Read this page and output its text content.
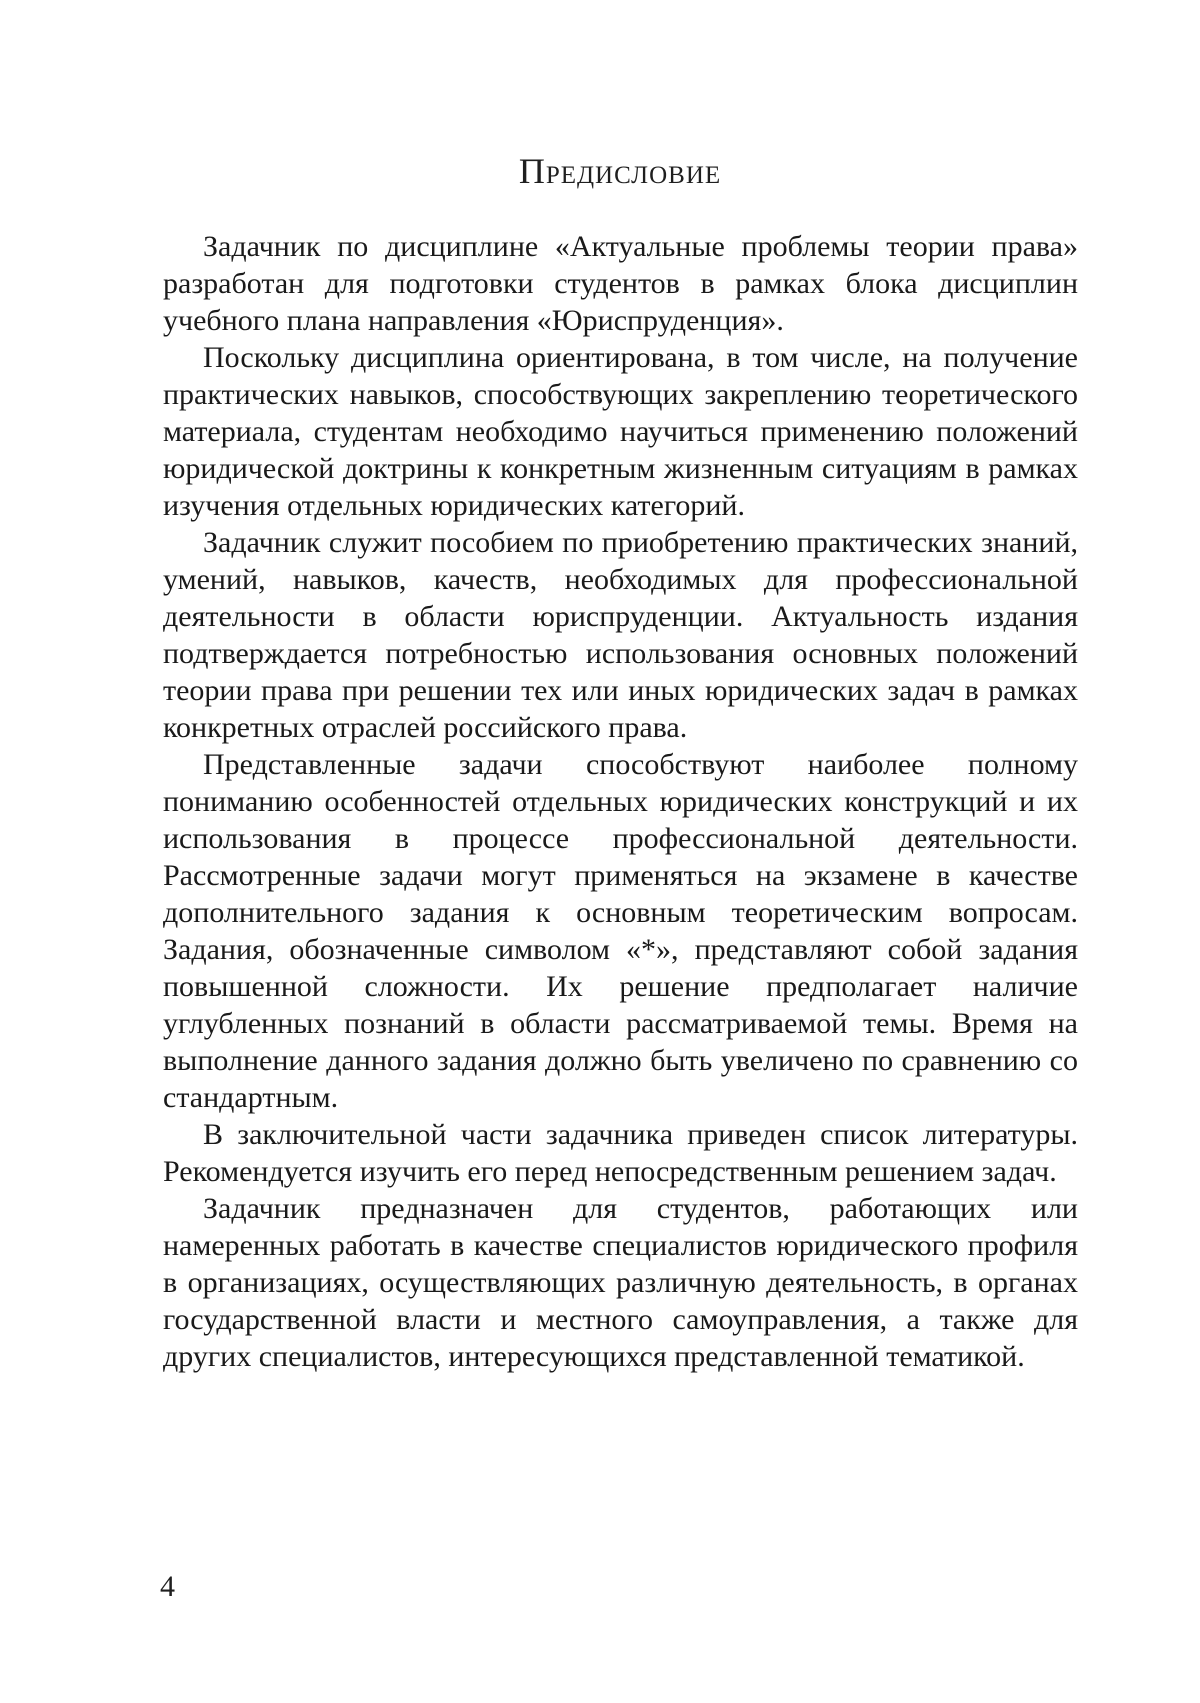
Предисловие

Задачник по дисциплине «Актуальные проблемы теории права» разработан для подготовки студентов в рамках блока дисциплин учебного плана направления «Юриспруденция».

Поскольку дисциплина ориентирована, в том числе, на получение практических навыков, способствующих закреплению теоретического материала, студентам необходимо научиться применению положений юридической доктрины к конкретным жизненным ситуациям в рамках изучения отдельных юридических категорий.

Задачник служит пособием по приобретению практических знаний, умений, навыков, качеств, необходимых для профессиональной деятельности в области юриспруденции. Актуальность издания подтверждается потребностью использования основных положений теории права при решении тех или иных юридических задач в рамках конкретных отраслей российского права.

Представленные задачи способствуют наиболее полному пониманию особенностей отдельных юридических конструкций и их использования в процессе профессиональной деятельности. Рассмотренные задачи могут применяться на экзамене в качестве дополнительного задания к основным теоретическим вопросам. Задания, обозначенные символом «*», представляют собой задания повышенной сложности. Их решение предполагает наличие углубленных познаний в области рассматриваемой темы. Время на выполнение данного задания должно быть увеличено по сравнению со стандартным.

В заключительной части задачника приведен список литературы. Рекомендуется изучить его перед непосредственным решением задач.

Задачник предназначен для студентов, работающих или намеренных работать в качестве специалистов юридического профиля в организациях, осуществляющих различную деятельность, в органах государственной власти и местного самоуправления, а также для других специалистов, интересующихся представленной тематикой.

4
